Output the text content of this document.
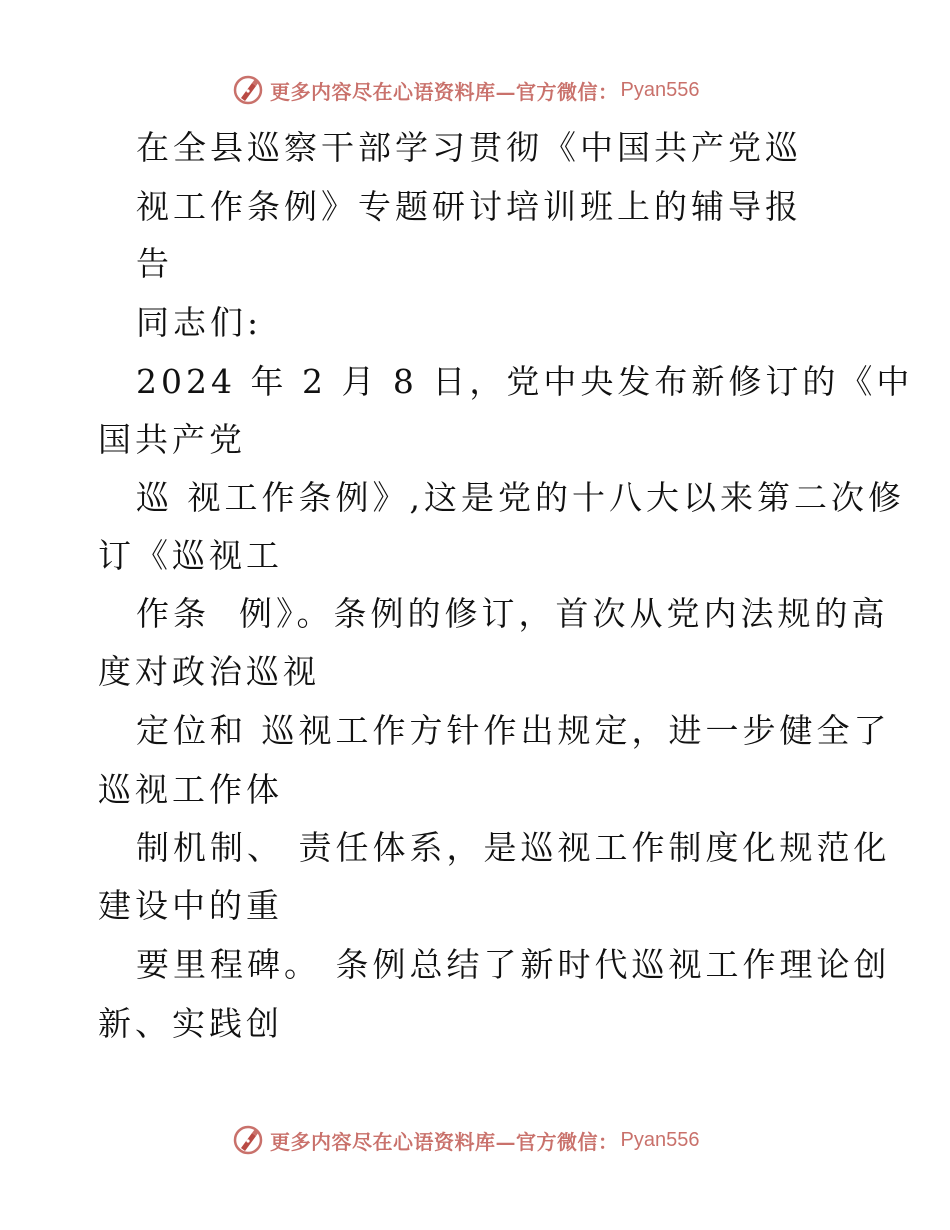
更多内容尽在心语资料库—官方微信： Pyan556
在全县巡察干部学习贯彻《中国共产党巡
视工作条例》专题研讨培训班上的辅导报
告
同志们:
2024 年 2 月 8 日，党中央发布新修订的《中
国共产党
巡 视工作条例》,这是党的十八大以来第二次修
订《巡视工
作条  例》。条例的修订，首次从党内法规的高
度对政治巡视
定位和 巡视工作方针作出规定，进一步健全了
巡视工作体
制机制、 责任体系，是巡视工作制度化规范化
建设中的重
要里程碑。 条例总结了新时代巡视工作理论创
新、实践创
更多内容尽在心语资料库—官方微信： Pyan556
